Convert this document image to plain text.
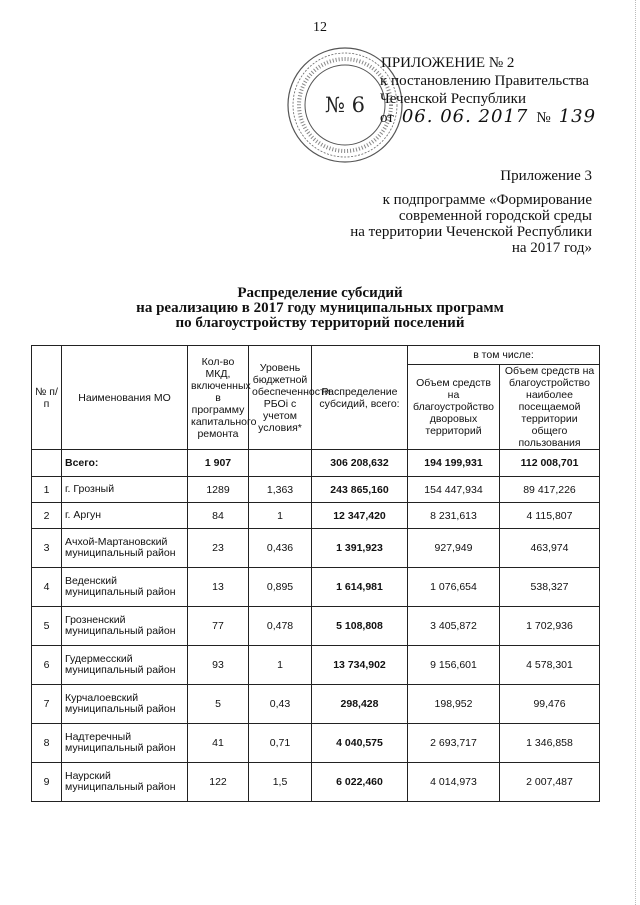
12
№ 6
ПРИЛОЖЕНИЕ № 2
к постановлению Правительства
Чеченской Республики
от 06. 06. 2017 № 139
Приложение 3
к подпрограмме «Формирование
современной городской среды
на территории Чеченской Республики
на 2017 год»
Распределение субсидий
на реализацию в 2017 году муниципальных программ
по благоустройству территорий поселений
№ п/п	Наименования МО	Кол-во МКД, включенных в программу капитального ремонта	Уровень бюджетной обеспеченности РБОі с учетом условия*	Распределение субсидий, всего:	в том числе:	
					Объем средств на благоустройство дворовых территорий	Объем средств на благоустройство наиболее посещаемой территории общего пользования
	Всего:	1 907		306 208,632	194 199,931	112 008,701
1	г. Грозный	1289	1,363	243 865,160	154 447,934	89 417,226
2	г. Аргун	84	1	12 347,420	8 231,613	4 115,807
3	Ачхой-Мартановский муниципальный район	23	0,436	1 391,923	927,949	463,974
4	Веденский муниципальный район	13	0,895	1 614,981	1 076,654	538,327
5	Грозненский муниципальный район	77	0,478	5 108,808	3 405,872	1 702,936
6	Гудермесский муниципальный район	93	1	13 734,902	9 156,601	4 578,301
7	Курчалоевский муниципальный район	5	0,43	298,428	198,952	99,476
8	Надтеречный муниципальный район	41	0,71	4 040,575	2 693,717	1 346,858
9	Наурский муниципальный район	122	1,5	6 022,460	4 014,973	2 007,487
